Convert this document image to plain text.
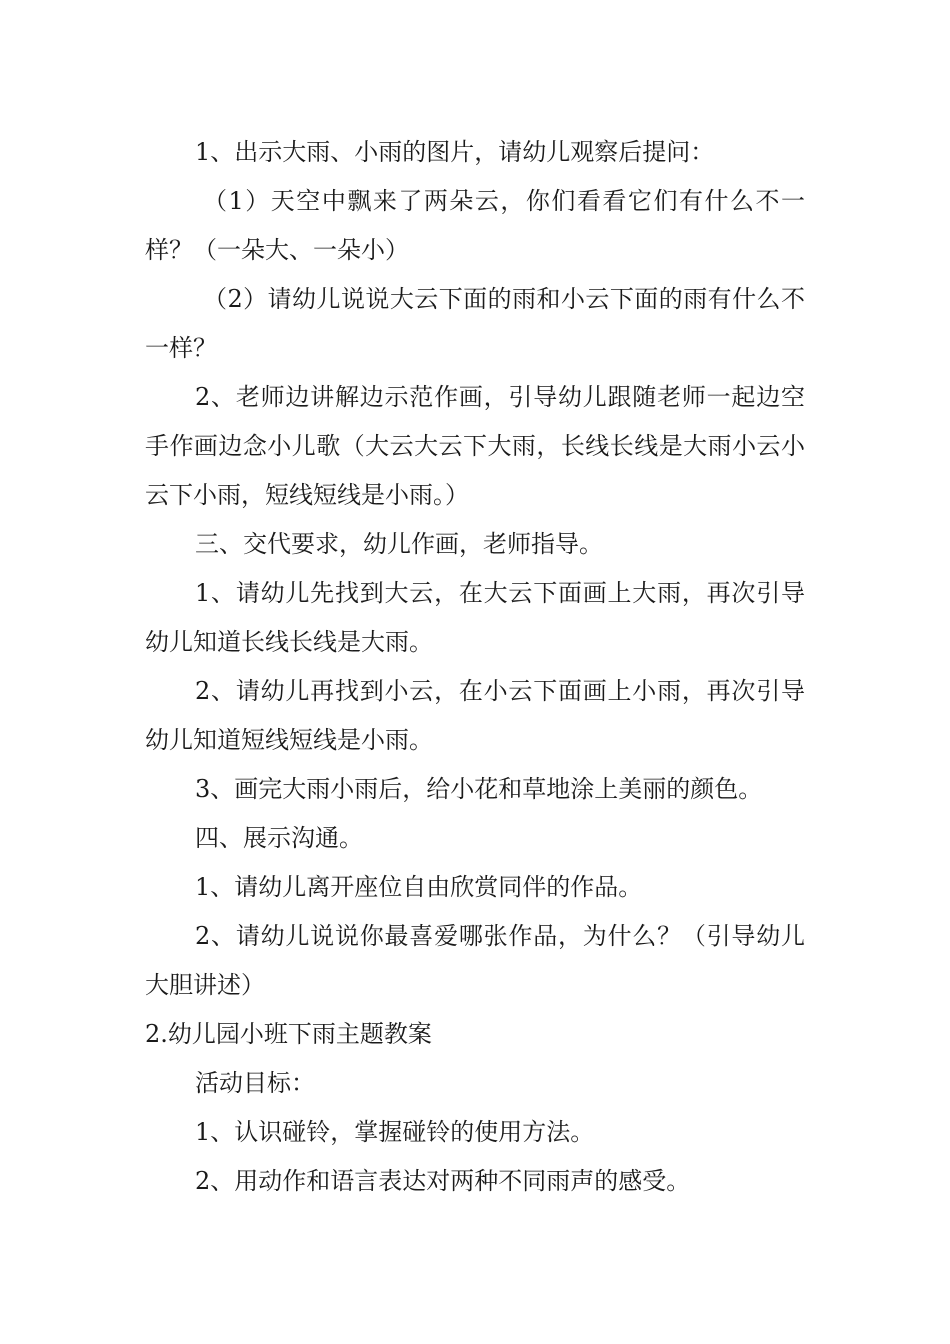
1、出示大雨、小雨的图片，请幼儿观察后提问：

（1）天空中飘来了两朵云，你们看看它们有什么不一样？（一朵大、一朵小）

（2）请幼儿说说大云下面的雨和小云下面的雨有什么不一样？

2、老师边讲解边示范作画，引导幼儿跟随老师一起边空手作画边念小儿歌（大云大云下大雨，长线长线是大雨小云小云下小雨，短线短线是小雨。）

三、交代要求，幼儿作画，老师指导。

1、请幼儿先找到大云，在大云下面画上大雨，再次引导幼儿知道长线长线是大雨。

2、请幼儿再找到小云，在小云下面画上小雨，再次引导幼儿知道短线短线是小雨。

3、画完大雨小雨后，给小花和草地涂上美丽的颜色。

四、展示沟通。

1、请幼儿离开座位自由欣赏同伴的作品。

2、请幼儿说说你最喜爱哪张作品，为什么？（引导幼儿大胆讲述）

2.幼儿园小班下雨主题教案

活动目标：

1、认识碰铃，掌握碰铃的使用方法。

2、用动作和语言表达对两种不同雨声的感受。
